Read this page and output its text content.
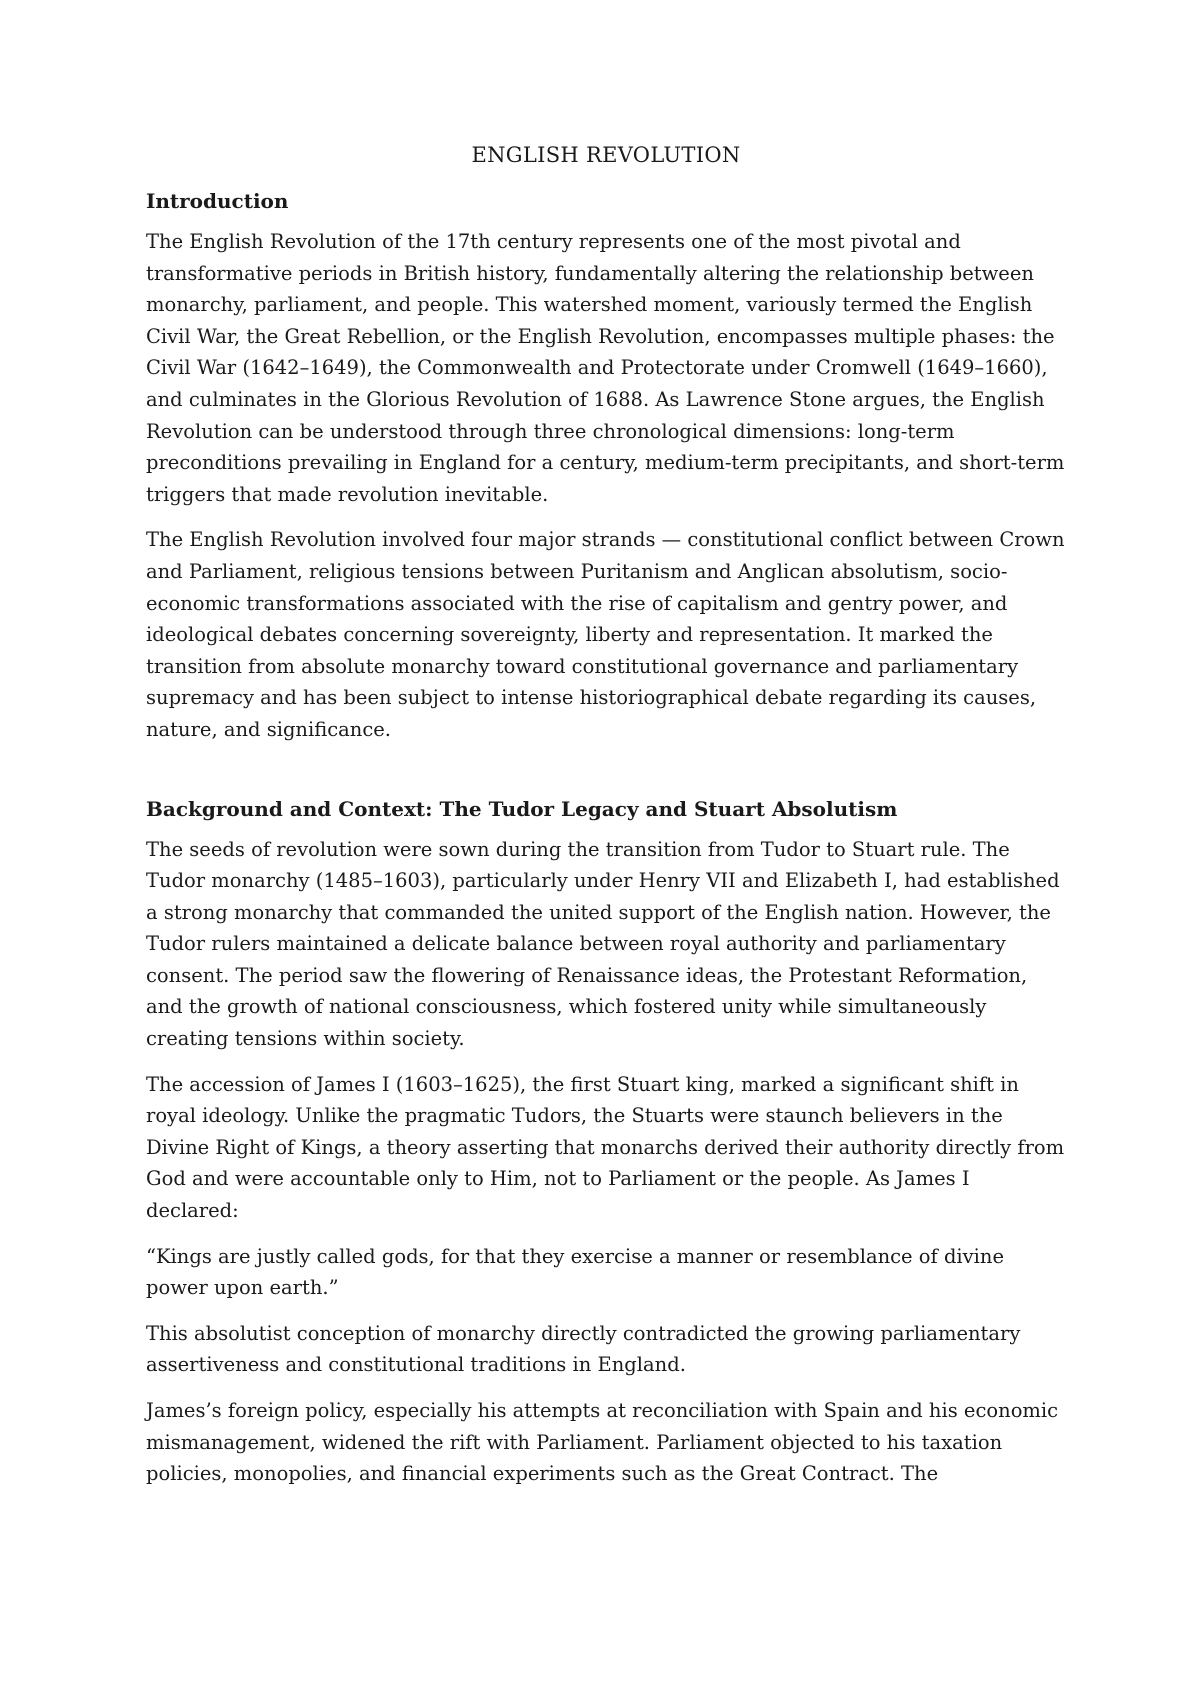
ENGLISH REVOLUTION
Introduction

The English Revolution of the 17th century represents one of the most pivotal and transformative periods in British history, fundamentally altering the relationship between monarchy, parliament, and people. This watershed moment, variously termed the English Civil War, the Great Rebellion, or the English Revolution, encompasses multiple phases: the Civil War (1642–1649), the Commonwealth and Protectorate under Cromwell (1649–1660), and culminates in the Glorious Revolution of 1688. As Lawrence Stone argues, the English Revolution can be understood through three chronological dimensions: long-term preconditions prevailing in England for a century, medium-term precipitants, and short-term triggers that made revolution inevitable.

The English Revolution involved four major strands — constitutional conflict between Crown and Parliament, religious tensions between Puritanism and Anglican absolutism, socio-economic transformations associated with the rise of capitalism and gentry power, and ideological debates concerning sovereignty, liberty and representation. It marked the transition from absolute monarchy toward constitutional governance and parliamentary supremacy and has been subject to intense historiographical debate regarding its causes, nature, and significance.

Background and Context: The Tudor Legacy and Stuart Absolutism

The seeds of revolution were sown during the transition from Tudor to Stuart rule. The Tudor monarchy (1485–1603), particularly under Henry VII and Elizabeth I, had established a strong monarchy that commanded the united support of the English nation. However, the Tudor rulers maintained a delicate balance between royal authority and parliamentary consent. The period saw the flowering of Renaissance ideas, the Protestant Reformation, and the growth of national consciousness, which fostered unity while simultaneously creating tensions within society.

The accession of James I (1603–1625), the first Stuart king, marked a significant shift in royal ideology. Unlike the pragmatic Tudors, the Stuarts were staunch believers in the Divine Right of Kings, a theory asserting that monarchs derived their authority directly from God and were accountable only to Him, not to Parliament or the people. As James I declared:

“Kings are justly called gods, for that they exercise a manner or resemblance of divine power upon earth.”

This absolutist conception of monarchy directly contradicted the growing parliamentary assertiveness and constitutional traditions in England.

James’s foreign policy, especially his attempts at reconciliation with Spain and his economic mismanagement, widened the rift with Parliament. Parliament objected to his taxation policies, monopolies, and financial experiments such as the Great Contract. The
